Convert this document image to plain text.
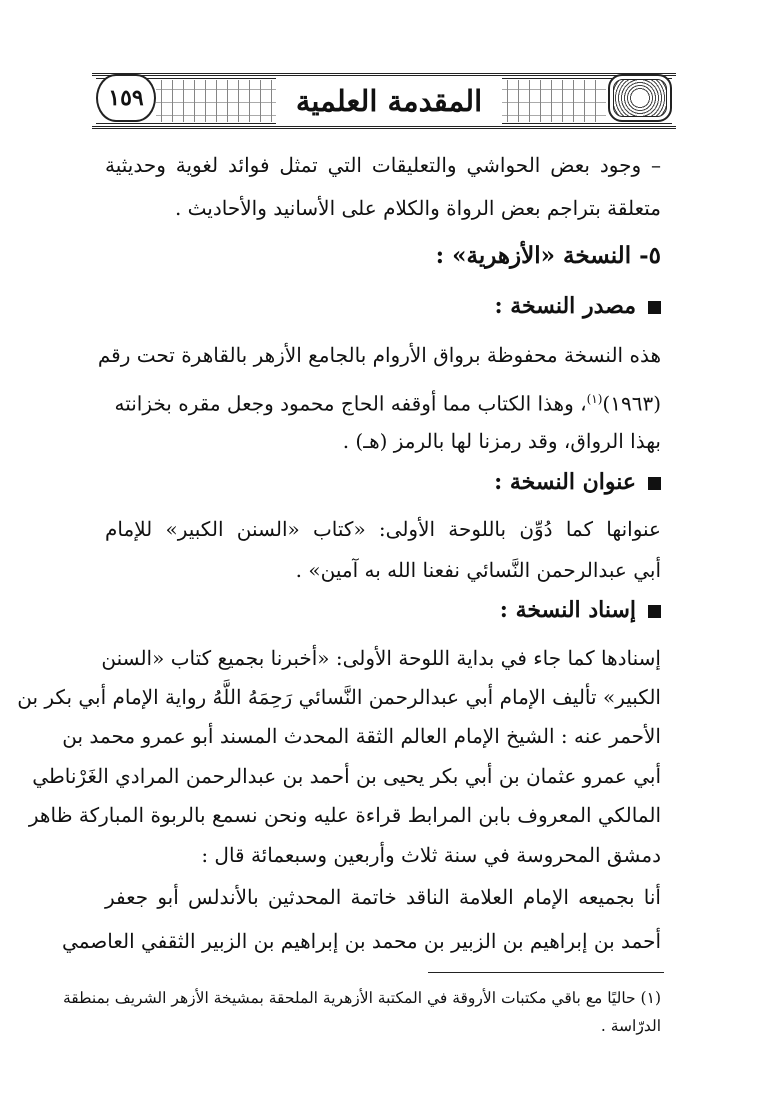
١٥٩	المقدمة العلمية
– وجود بعض الحواشي والتعليقات التي تمثل فوائد لغوية وحديثية
متعلقة بتراجم بعض الرواة والكلام على الأسانيد والأحاديث .
٥- النسخة «الأزهرية» :
مصدر النسخة :
هذه النسخة محفوظة برواق الأروام بالجامع الأزهر بالقاهرة تحت رقم
(١٩٦٣)$^{(١)}$، وهذا الكتاب مما أوقفه الحاج محمود وجعل مقره بخزانته
بهذا الرواق، وقد رمزنا لها بالرمز (هـ) .
عنوان النسخة :
عنوانها كما دُوِّن باللوحة الأولى: «كتاب «السنن الكبير» للإمام
أبي عبدالرحمن النَّسائي نفعنا الله به آمين» .
إسناد النسخة :
إسنادها كما جاء في بداية اللوحة الأولى: «أخبرنا بجميع كتاب «السنن
الكبير» تأليف الإمام أبي عبدالرحمن النَّسائي رَحِمَهُ اللَّهُ رواية الإمام أبي بكر بن
الأحمر عنه : الشيخ الإمام العالم الثقة المحدث المسند أبو عمرو محمد بن
أبي عمرو عثمان بن أبي بكر يحيى بن أحمد بن عبدالرحمن المرادي الغَرْناطي
المالكي المعروف بابن المرابط قراءة عليه ونحن نسمع بالربوة المباركة ظاهر
دمشق المحروسة في سنة ثلاث وأربعين وسبعمائة قال :
أنا بجميعه الإمام العلامة الناقد خاتمة المحدثين بالأندلس أبو جعفر
أحمد بن إبراهيم بن الزبير بن محمد بن إبراهيم بن الزبير الثقفي العاصمي
(١) حاليًا مع باقي مكتبات الأروقة في المكتبة الأزهرية الملحقة بمشيخة الأزهر الشريف بمنطقة
الدرّاسة .
